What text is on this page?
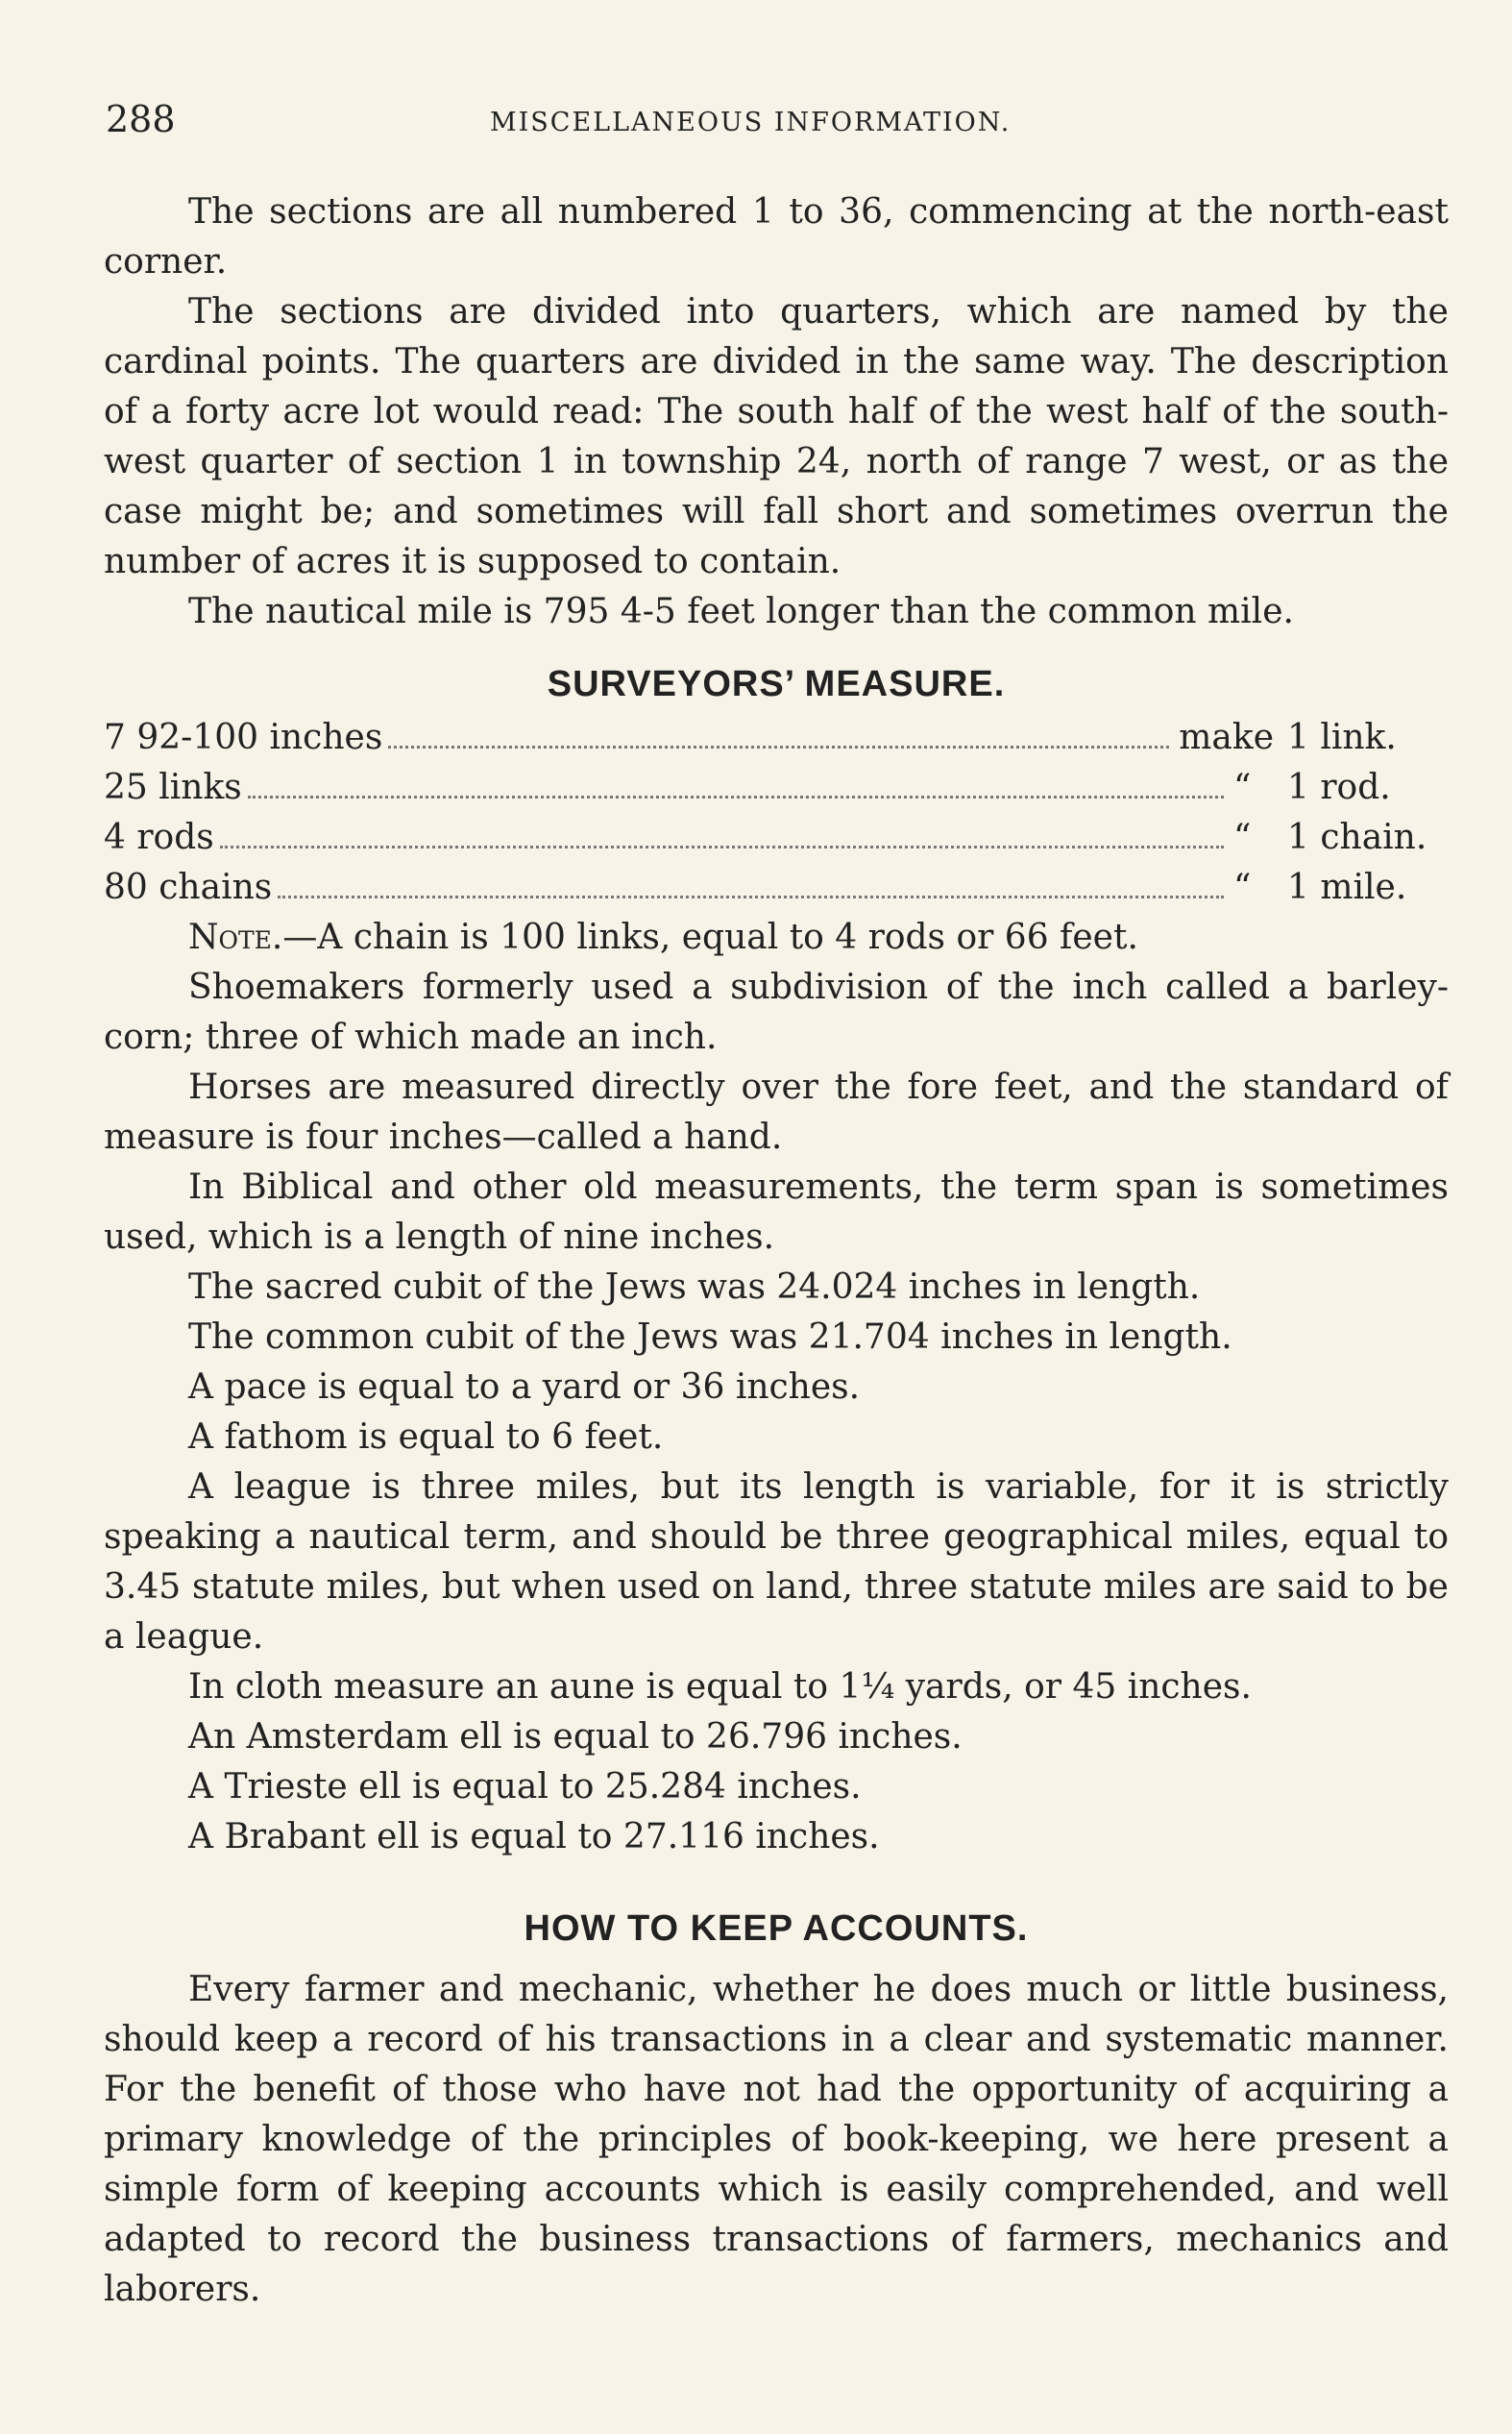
288	MISCELLANEOUS INFORMATION.

The sections are all numbered 1 to 36, commencing at the north-east corner.

The sections are divided into quarters, which are named by the cardinal points. The quarters are divided in the same way. The description of a forty acre lot would read: The south half of the west half of the south-west quarter of section 1 in township 24, north of range 7 west, or as the case might be; and sometimes will fall short and sometimes overrun the number of acres it is supposed to contain.

The nautical mile is 795 4-5 feet longer than the common mile.

SURVEYORS’ MEASURE.
7 92-100 inches	make 1 link.
25 links	“	1 rod.
4 rods	“	1 chain.
80 chains	“	1 mile.

Note.—A chain is 100 links, equal to 4 rods or 66 feet.

Shoemakers formerly used a subdivision of the inch called a barley-corn; three of which made an inch.

Horses are measured directly over the fore feet, and the standard of measure is four inches—called a hand.

In Biblical and other old measurements, the term span is sometimes used, which is a length of nine inches.

The sacred cubit of the Jews was 24.024 inches in length.

The common cubit of the Jews was 21.704 inches in length.

A pace is equal to a yard or 36 inches.

A fathom is equal to 6 feet.

A league is three miles, but its length is variable, for it is strictly speaking a nautical term, and should be three geographical miles, equal to 3.45 statute miles, but when used on land, three statute miles are said to be a league.

In cloth measure an aune is equal to 1¼ yards, or 45 inches.

An Amsterdam ell is equal to 26.796 inches.

A Trieste ell is equal to 25.284 inches.

A Brabant ell is equal to 27.116 inches.

HOW TO KEEP ACCOUNTS.

Every farmer and mechanic, whether he does much or little business, should keep a record of his transactions in a clear and systematic manner. For the benefit of those who have not had the opportunity of acquiring a primary knowledge of the principles of book-keeping, we here present a simple form of keeping accounts which is easily comprehended, and well adapted to record the business transactions of farmers, mechanics and laborers.
